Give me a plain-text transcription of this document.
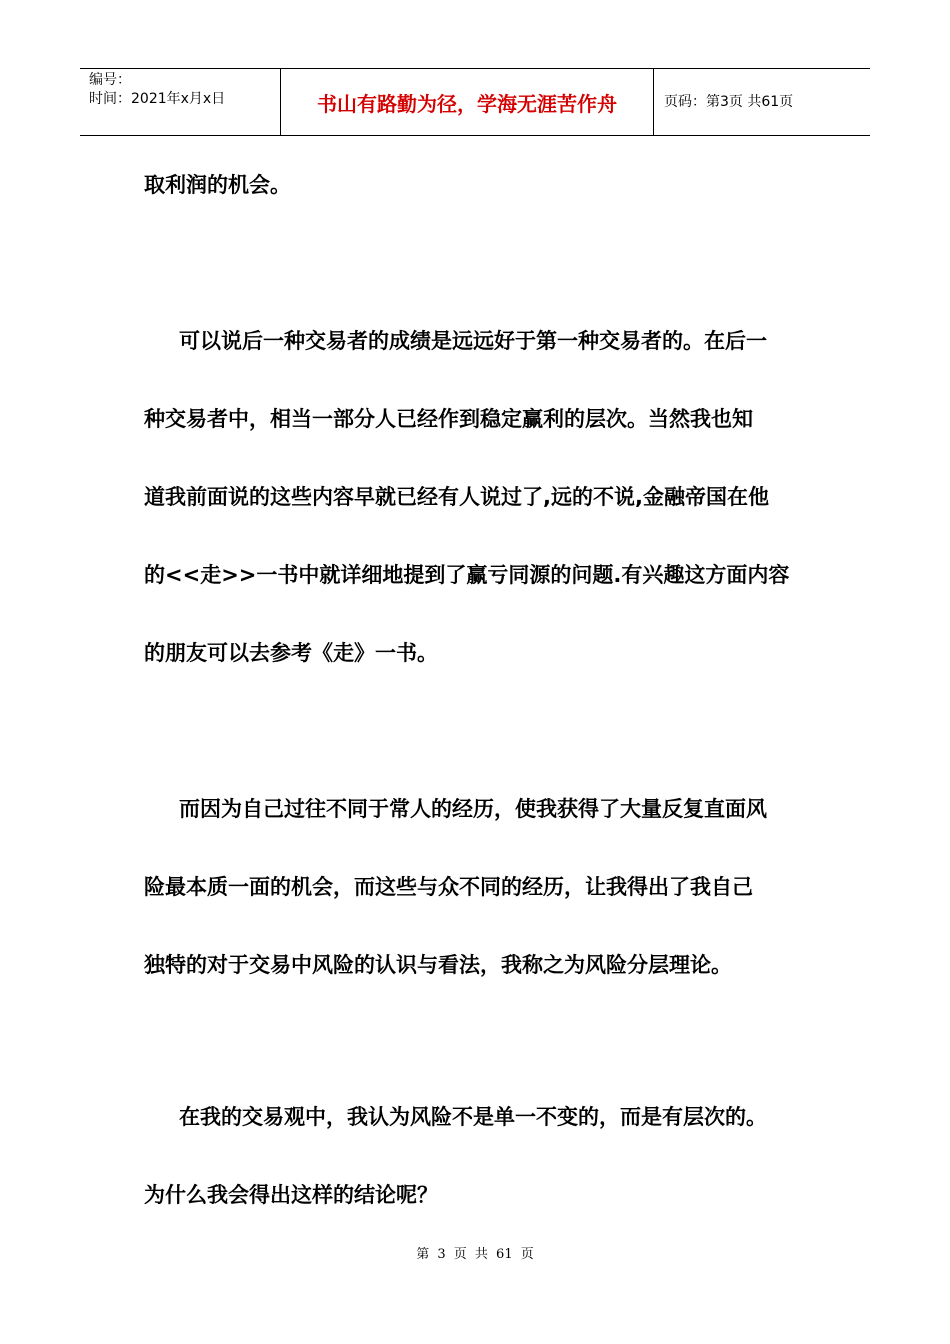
编号：
时间：2021年x月x日	书山有路勤为径，学海无涯苦作舟	页码：第3页 共61页
取利润的机会。
可以说后一种交易者的成绩是远远好于第一种交易者的。在后一
种交易者中，相当一部分人已经作到稳定赢利的层次。当然我也知
道我前面说的这些内容早就已经有人说过了,远的不说,金融帝国在他
的<<走>>一书中就详细地提到了赢亏同源的问题.有兴趣这方面内容
的朋友可以去参考《走》一书。
而因为自己过往不同于常人的经历，使我获得了大量反复直面风
险最本质一面的机会，而这些与众不同的经历，让我得出了我自己
独特的对于交易中风险的认识与看法，我称之为风险分层理论。
在我的交易观中，我认为风险不是单一不变的，而是有层次的。
为什么我会得出这样的结论呢？
第 3 页 共 61 页
